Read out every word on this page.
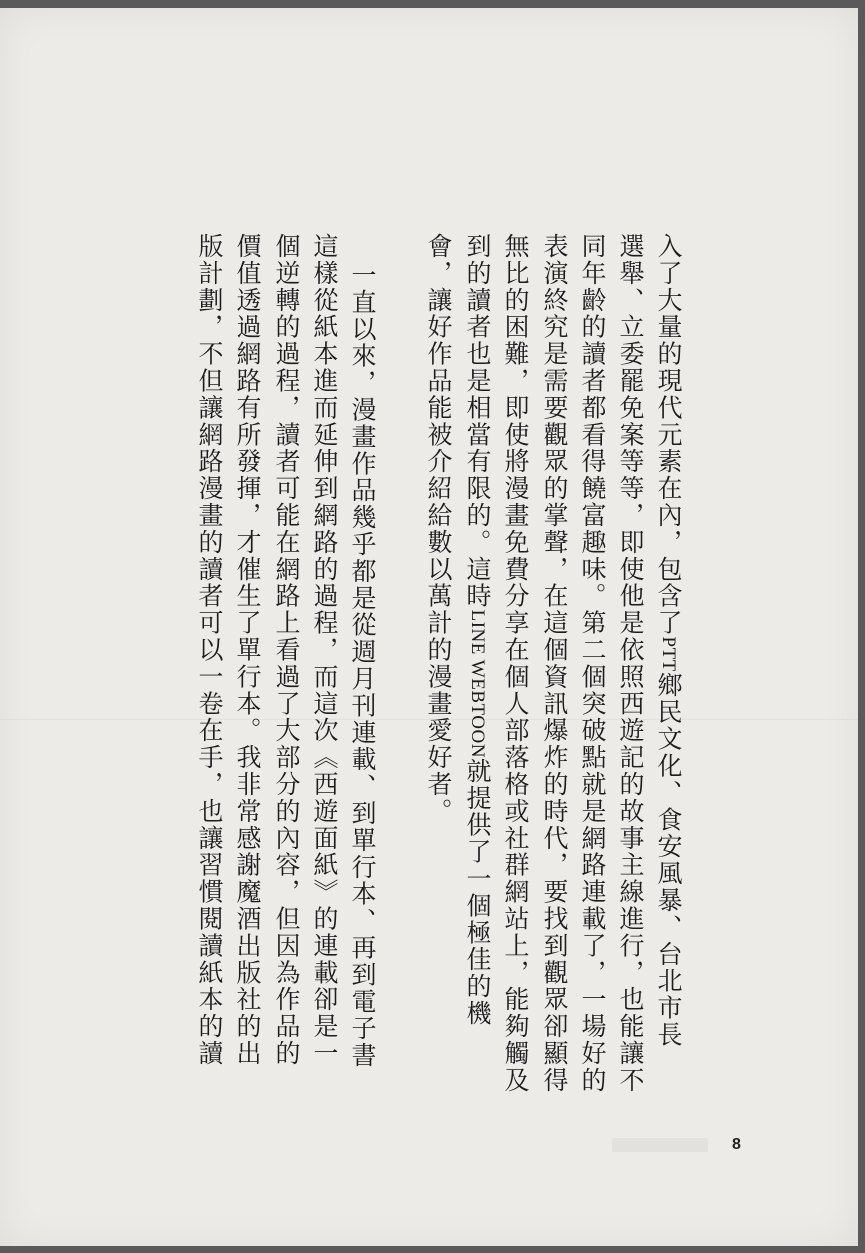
入了大量的現代元素在內，包含了PTT鄉民文化、食安風暴、台北市長
選舉、立委罷免案等等，即使他是依照西遊記的故事主線進行，也能讓不
同年齡的讀者都看得饒富趣味。第二個突破點就是網路連載了，一場好的
表演終究是需要觀眾的掌聲，在這個資訊爆炸的時代，要找到觀眾卻顯得
無比的困難，即使將漫畫免費分享在個人部落格或社群網站上，能夠觸及
到的讀者也是相當有限的。這時LINE WEBTOON就提供了一個極佳的機
會，讓好作品能被介紹給數以萬計的漫畫愛好者。
一直以來，漫畫作品幾乎都是從週月刊連載、到單行本、再到電子書
這樣從紙本進而延伸到網路的過程，而這次《西遊面紙》的連載卻是一
個逆轉的過程，讀者可能在網路上看過了大部分的內容，但因為作品的
價值透過網路有所發揮，才催生了單行本。我非常感謝魔酒出版社的出
版計劃，不但讓網路漫畫的讀者可以一卷在手，也讓習慣閱讀紙本的讀
8
